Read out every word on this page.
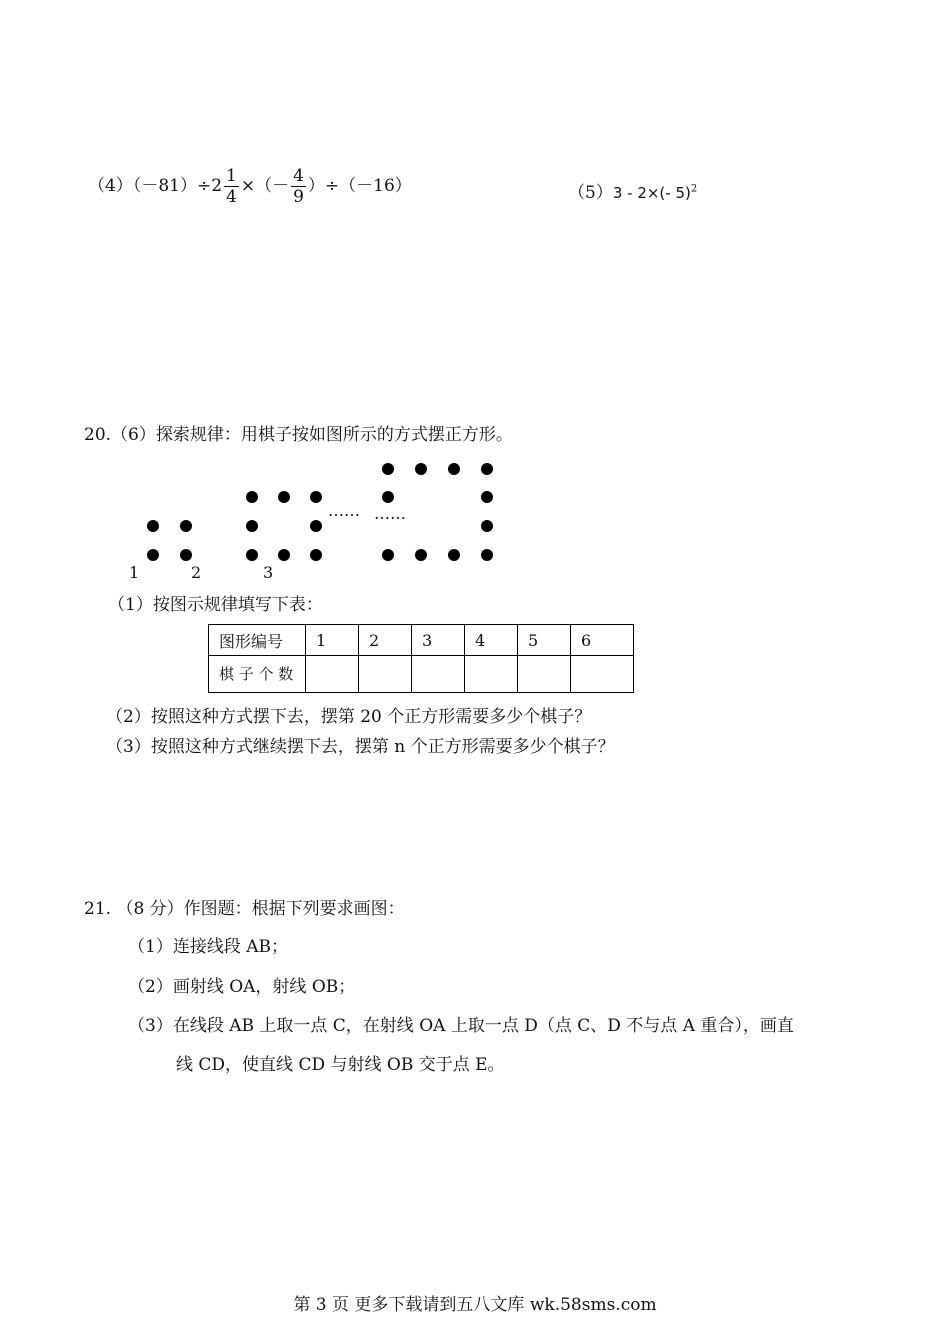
$(4)(-81)\div 2 \frac{1}{4}$ ×（－ $\frac{4}{9} )\div(-16)$	（5）3 - 2×(- 5)$^2$
20.（6）探索规律：用棋子按如图所示的方式摆正方形。
…… ……
1	2	3
（1）按图示规律填写下表：
图形编号	1	2	3	4	5	6
棋 子 个 数						
（2）按照这种方式摆下去，摆第 20 个正方形需要多少个棋子？
（3）按照这种方式继续摆下去，摆第 n 个正方形需要多少个棋子？
21. （8 分）作图题：根据下列要求画图：
（1）连接线段 AB；
（2）画射线 OA，射线 OB；
（3）在线段 AB 上取一点 C，在射线 OA 上取一点 D（点 C、D 不与点 A 重合），画直
线 CD，使直线 CD 与射线 OB 交于点 E。
第 3 页 更多下载请到五八文库 wk.58sms.com
